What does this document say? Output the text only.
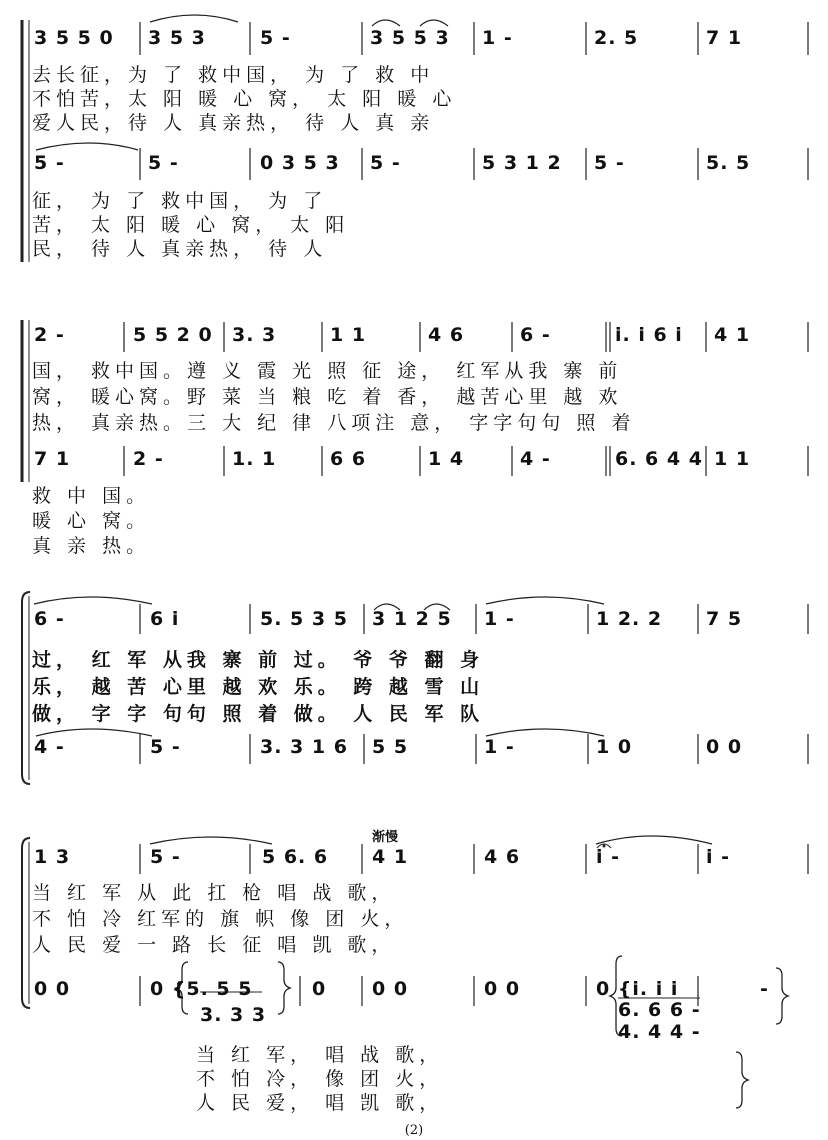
3 5 5 0 3 5 3	5 -	3 5 5 3 1 -	2. 5	7 1
去长征，为 了 救中国， 为 了 救 中
不怕苦，太 阳 暖 心 窝， 太 阳 暖 心
爱人民，待 人 真亲热， 待 人 真 亲
5 -	5 -	0 3 5 3 5 -	5 3 1 2 5 -	5. 5
征， 为 了 救中国， 为 了
苦， 太 阳 暖 心 窝， 太 阳
民， 待 人 真亲热， 待 人
2 -	5 5 2 0 3. 3	1 1	4 6	6 -	i. i 6 i 4 1
国， 救中国。遵 义 霞 光 照 征 途， 红军从我 寨 前
窝， 暖心窝。野 菜 当 粮 吃 着 香， 越苦心里 越 欢
热， 真亲热。三 大 纪 律 八项注 意， 字字句句 照 着
7 1	2 -	1. 1	6 6	1 4	4 -	6. 6 4 4 1 1
救 中 国。
暖 心 窝。
真 亲 热。
6 -	6 i	5. 5 3 5 3 1 2 5 1 -	1 2. 2 7 5
过， 红 军 从我 寨 前 过。 爷 爷 翻 身
乐， 越 苦 心里 越 欢 乐。 跨 越 雪 山
做， 字 字 句句 照 着 做。 人 民 军 队
4 -	5 -	3. 3 1 6 5 5	1 -	1 0	0 0
渐慢
1 3	5 -	5 6. 6 4 1	4 6	i -	i -
当 红 军 从 此 扛 枪 唱 战 歌，
不 怕 冷 红军的 旗 帜 像 团 火，
人 民 爱 一 路 长 征 唱 凯 歌，
0 0	0 {5. 5 5	0 0 0	0 0	0 {i. i i	-
3. 3 3	6. 6 6 -
4. 4 4 -
当 红 军， 唱 战 歌，
不 怕 冷， 像 团 火，
人 民 爱， 唱 凯 歌，
(2)
